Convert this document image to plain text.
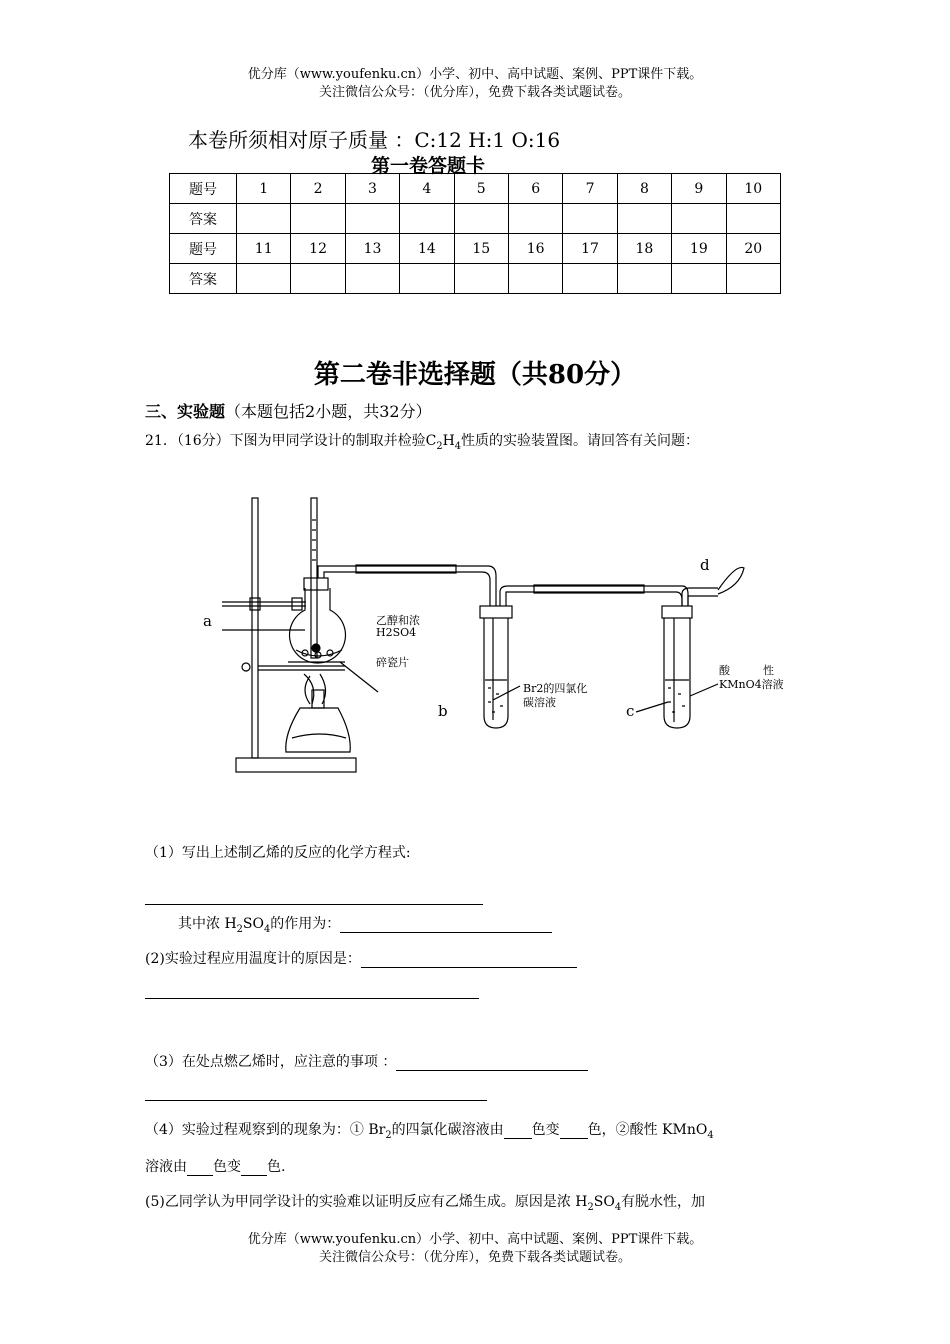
优分库（www.youfenku.cn）小学、初中、高中试题、案例、PPT课件下载。
关注微信公众号：（优分库），免费下载各类试题试卷。
本卷所须相对原子质量 ：C:12 H:1 O:16
第一卷答题卡
题号	1	2	3	4	5	6	7	8	9	10
答案										
题号	11	12	13	14	15	16	17	18	19	20
答案										
第二卷非选择题（共80分）
三、实验题（本题包括2小题，共32分）
21．（16分）下图为甲同学设计的制取并检验$C_2H_4$性质的实验装置图。请回答有关问题：
a
b	c
d
乙醇和浓
H2SO4
碎瓷片
Br2的四氯化
碳溶液
酸　　　性
KMnO4溶液
（1）写出上述制乙烯的反应的化学方程式:
其中浓 $H_2SO_4$的作用为：
(2)实验过程应用温度计的原因是：
（3）在处点燃乙烯时，应注意的事项 ：
（4）实验过程观察到的现象为：① $Br_2$的四氯化碳溶液由 色变 色，②酸性 KMnO$_4$
溶液由 色变 色.
(5)乙同学认为甲同学设计的实验难以证明反应有乙烯生成。原因是浓 $H_2SO_4$有脱水性，加
优分库（www.youfenku.cn）小学、初中、高中试题、案例、PPT课件下载。
关注微信公众号：（优分库），免费下载各类试题试卷。
